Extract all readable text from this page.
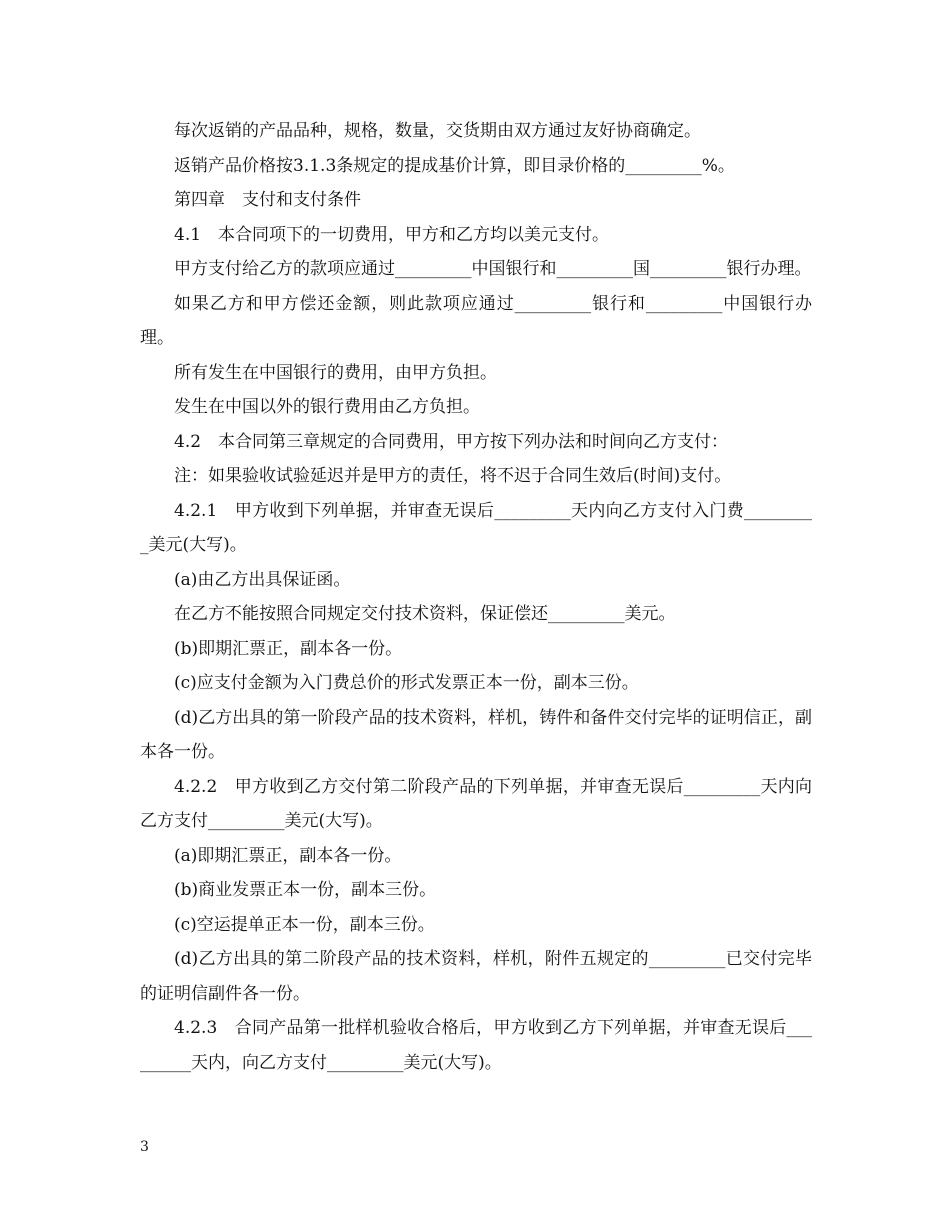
每次返销的产品品种，规格，数量，交货期由双方通过友好协商确定。

返销产品价格按3.1.3条规定的提成基价计算，即目录价格的_________%。

第四章　支付和支付条件

4.1　本合同项下的一切费用，甲方和乙方均以美元支付。

甲方支付给乙方的款项应通过_________中国银行和_________国_________银行办理。

如果乙方和甲方偿还金额，则此款项应通过_________银行和_________中国银行办理。

所有发生在中国银行的费用，由甲方负担。

发生在中国以外的银行费用由乙方负担。

4.2　本合同第三章规定的合同费用，甲方按下列办法和时间向乙方支付：

注：如果验收试验延迟并是甲方的责任，将不迟于合同生效后(时间)支付。

4.2.1　甲方收到下列单据，并审查无误后_________天内向乙方支付入门费_________美元(大写)。

(a)由乙方出具保证函。

在乙方不能按照合同规定交付技术资料，保证偿还_________美元。

(b)即期汇票正，副本各一份。

(c)应支付金额为入门费总价的形式发票正本一份，副本三份。

(d)乙方出具的第一阶段产品的技术资料，样机，铸件和备件交付完毕的证明信正，副本各一份。

4.2.2　甲方收到乙方交付第二阶段产品的下列单据，并审查无误后_________天内向乙方支付_________美元(大写)。

(a)即期汇票正，副本各一份。

(b)商业发票正本一份，副本三份。

(c)空运提单正本一份，副本三份。

(d)乙方出具的第二阶段产品的技术资料，样机，附件五规定的_________已交付完毕的证明信副件各一份。

4.2.3　合同产品第一批样机验收合格后，甲方收到乙方下列单据，并审查无误后_________天内，向乙方支付_________美元(大写)。

3
